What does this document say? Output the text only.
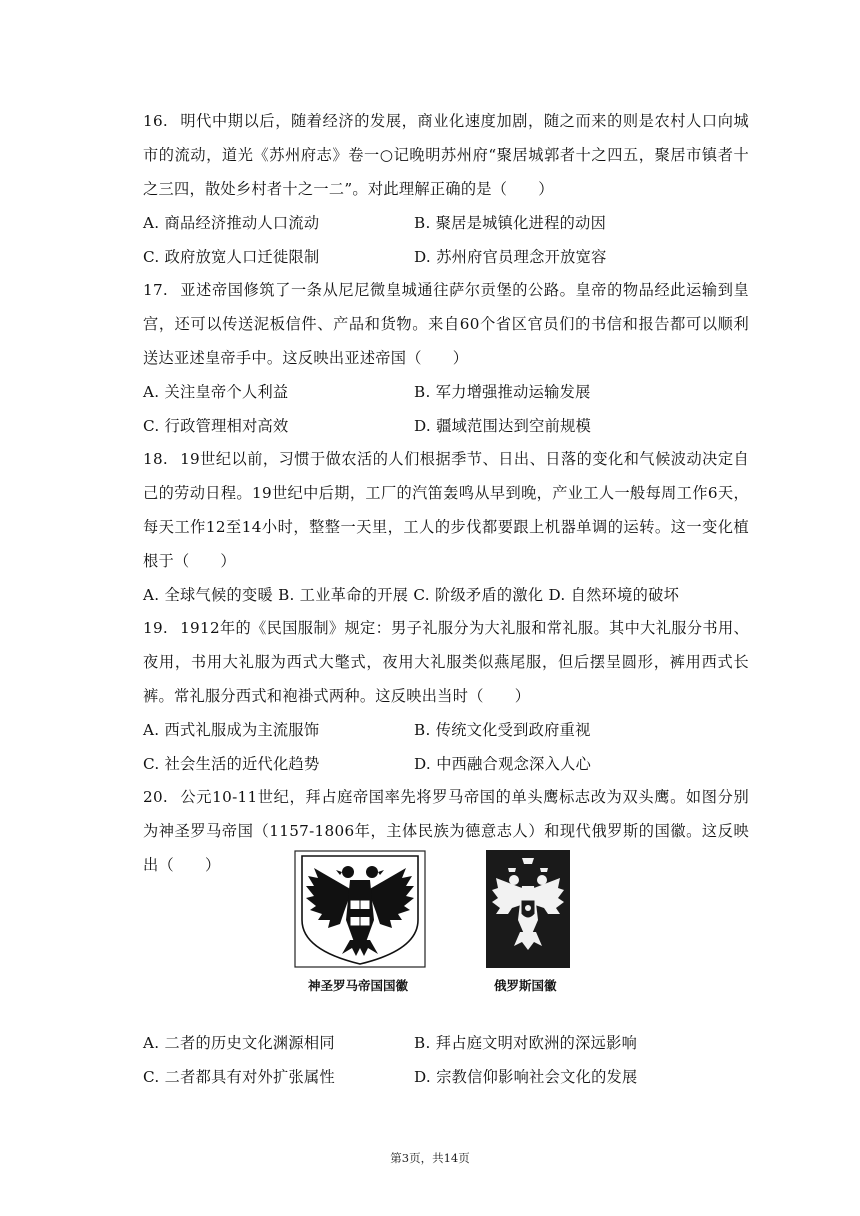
16. 明代中期以后，随着经济的发展，商业化速度加剧，随之而来的则是农村人口向城市的流动，道光《苏州府志》卷一○记晚明苏州府“聚居城郭者十之四五，聚居市镇者十之三四，散处乡村者十之一二”。对此理解正确的是（　　）

A. 商品经济推动人口流动	B. 聚居是城镇化进程的动因
C. 政府放宽人口迁徙限制	D. 苏州府官员理念开放宽容

17. 亚述帝国修筑了一条从尼尼微皇城通往萨尔贡堡的公路。皇帝的物品经此运输到皇宫，还可以传送泥板信件、产品和货物。来自60个省区官员们的书信和报告都可以顺利送达亚述皇帝手中。这反映出亚述帝国（　　）

A. 关注皇帝个人利益	B. 军力增强推动运输发展
C. 行政管理相对高效	D. 疆域范围达到空前规模

18. 19世纪以前，习惯于做农活的人们根据季节、日出、日落的变化和气候波动决定自己的劳动日程。19世纪中后期，工厂的汽笛轰鸣从早到晚，产业工人一般每周工作6天，每天工作12至14小时，整整一天里，工人的步伐都要跟上机器单调的运转。这一变化植根于（　　）

A. 全球气候的变暖 B. 工业革命的开展 C. 阶级矛盾的激化 D. 自然环境的破坏

19. 1912年的《民国服制》规定：男子礼服分为大礼服和常礼服。其中大礼服分书用、夜用，书用大礼服为西式大氅式，夜用大礼服类似燕尾服，但后摆呈圆形，裤用西式长裤。常礼服分西式和袍褂式两种。这反映出当时（　　）

A. 西式礼服成为主流服饰	B. 传统文化受到政府重视
C. 社会生活的近代化趋势	D. 中西融合观念深入人心

20. 公元10-11世纪，拜占庭帝国率先将罗马帝国的单头鹰标志改为双头鹰。如图分别为神圣罗马帝国（1157-1806年，主体民族为德意志人）和现代俄罗斯的国徽。这反映出（　　）

神圣罗马帝国国徽	俄罗斯国徽
A. 二者的历史文化渊源相同	B. 拜占庭文明对欧洲的深远影响
C. 二者都具有对外扩张属性	D. 宗教信仰影响社会文化的发展
第3页，共14页
